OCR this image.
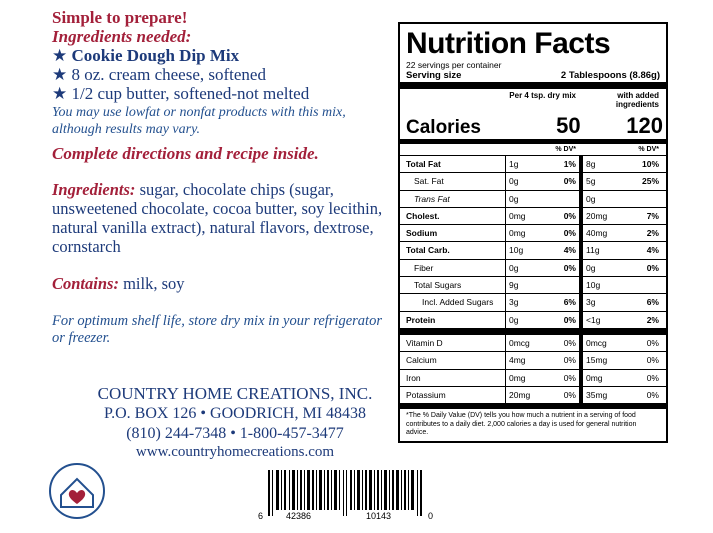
Simple to prepare!
Ingredients needed:
★ Cookie Dough Dip Mix
★ 8 oz. cream cheese, softened
★ 1/2 cup butter, softened-not melted
You may use lowfat or nonfat products with this mix, although results may vary.
Complete directions and recipe inside.
Ingredients: sugar, chocolate chips (sugar, unsweetened chocolate, cocoa butter, soy lecithin, natural vanilla extract), natural flavors, dextrose, cornstarch
Contains: milk, soy
For optimum shelf life, store dry mix in your refrigerator or freezer.
COUNTRY HOME CREATIONS, INC.
P.O. BOX 126 • GOODRICH, MI 48438
(810) 244-7348 • 1-800-457-3477
www.countryhomecreations.com
6	42386	10143	0
Nutrition Facts
22 servings per container
Serving size	2 Tablespoons (8.86g)
Per 4 tsp. dry mix	with added ingredients
Calories	50	120
% DV*	% DV*
Total Fat	1g	1%	8g	10%
Sat. Fat	0g	0%	5g	25%
Trans Fat	0g	0g
Cholest.	0mg	0%	20mg	7%
Sodium	0mg	0%	40mg	2%
Total Carb.	10g	4%	11g	4%
Fiber	0g	0%	0g	0%
Total Sugars	9g	10g
Incl. Added Sugars	3g	6%	3g	6%
Protein	0g	0%	<1g	2%
Vitamin D	0mcg	0%	0mcg	0%
Calcium	4mg	0%	15mg	0%
Iron	0mg	0%	0mg	0%
Potassium	20mg	0%	35mg	0%
*The % Daily Value (DV) tells you how much a nutrient in a serving of food contributes to a daily diet. 2,000 calories a day is used for general nutrition advice.
